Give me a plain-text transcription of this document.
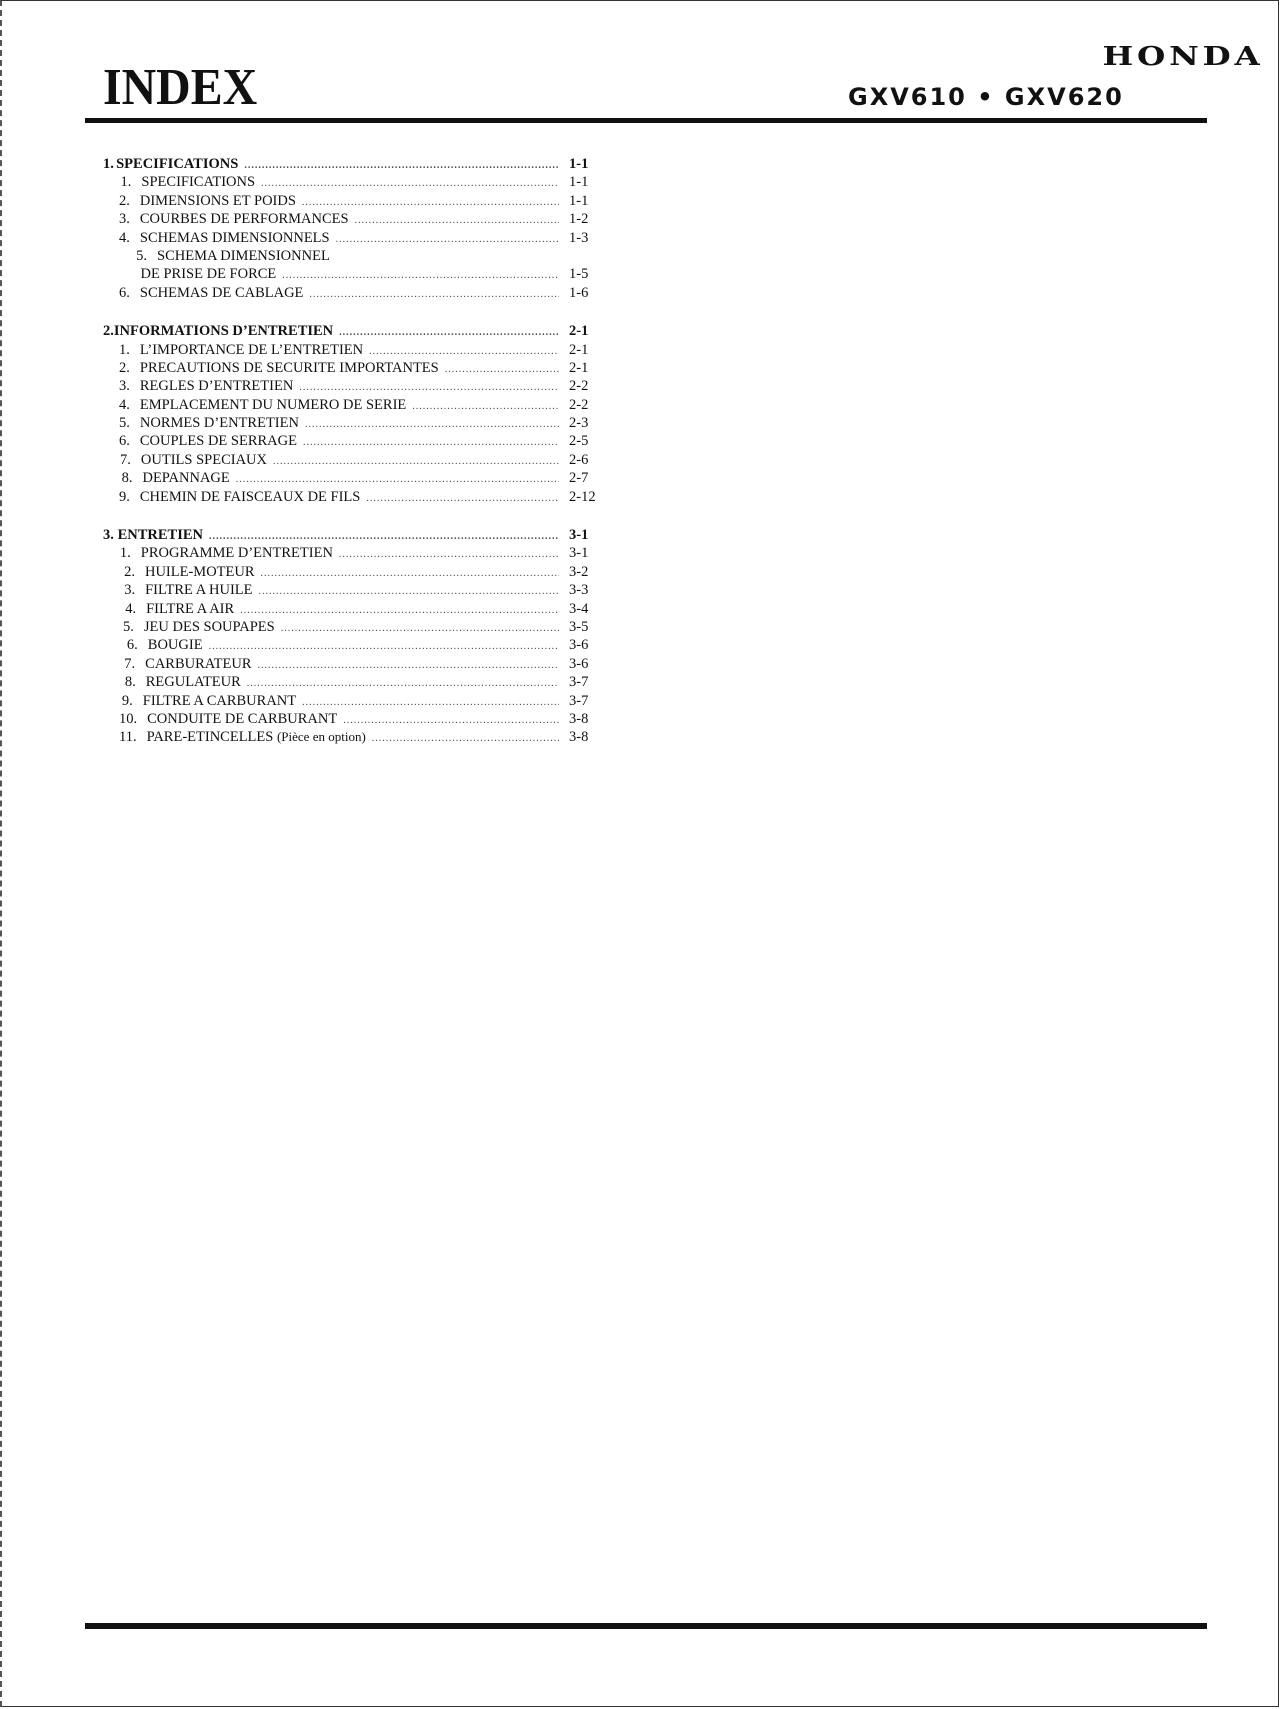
INDEX
HONDA
GXV610 • GXV620
1. SPECIFICATIONS .....	1-1
1. SPECIFICATIONS .....	1-1
2. DIMENSIONS ET POIDS .....	1-1
3. COURBES DE PERFORMANCES .....	1-2
4. SCHEMAS DIMENSIONNELS .....	1-3
5. SCHEMA DIMENSIONNEL
DE PRISE DE FORCE .....	1-5
6. SCHEMAS DE CABLAGE .....	1-6
2. INFORMATIONS D’ENTRETIEN .....	2-1
1. L’IMPORTANCE DE L’ENTRETIEN .....	2-1
2. PRECAUTIONS DE SECURITE IMPORTANTES .....	2-1
3. REGLES D’ENTRETIEN .....	2-2
4. EMPLACEMENT DU NUMERO DE SERIE .....	2-2
5. NORMES D’ENTRETIEN .....	2-3
6. COUPLES DE SERRAGE .....	2-5
7. OUTILS SPECIAUX .....	2-6
8. DEPANNAGE .....	2-7
9. CHEMIN DE FAISCEAUX DE FILS .....	2-12
3. ENTRETIEN .....	3-1
1. PROGRAMME D’ENTRETIEN .....	3-1
2. HUILE-MOTEUR .....	3-2
3. FILTRE A HUILE .....	3-3
4. FILTRE A AIR .....	3-4
5. JEU DES SOUPAPES .....	3-5
6. BOUGIE .....	3-6
7. CARBURATEUR .....	3-6
8. REGULATEUR .....	3-7
9. FILTRE A CARBURANT .....	3-7
10. CONDUITE DE CARBURANT .....	3-8
11. PARE-ETINCELLES (Pièce en option) .....	3-8
